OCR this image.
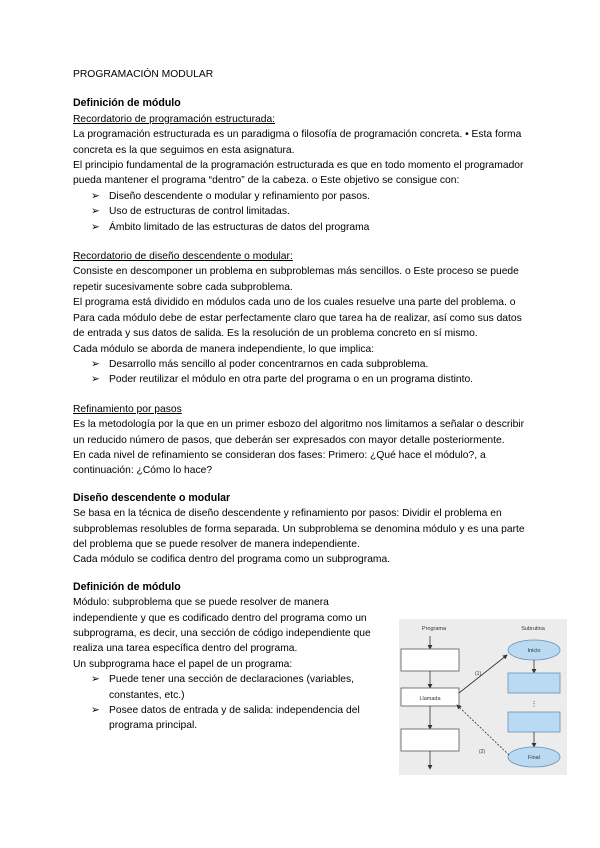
PROGRAMACIÓN MODULAR

Definición de módulo

Recordatorio de programación estructurada:

La programación estructurada es un paradigma o filosofía de programación concreta. • Esta forma concreta es la que seguimos en esta asignatura.

El principio fundamental de la programación estructurada es que en todo momento el programador pueda mantener el programa “dentro” de la cabeza. o Este objetivo se consigue con:

➢ Diseño descendente o modular y refinamiento por pasos.
➢ Uso de estructuras de control limitadas.
➢ Ámbito limitado de las estructuras de datos del programa

Recordatorio de diseño descendente o modular:

Consiste en descomponer un problema en subproblemas más sencillos. o Este proceso se puede repetir sucesivamente sobre cada subproblema.

El programa está dividido en módulos cada uno de los cuales resuelve una parte del problema. o Para cada módulo debe de estar perfectamente claro que tarea ha de realizar, así como sus datos de entrada y sus datos de salida. Es la resolución de un problema concreto en sí mismo.

Cada módulo se aborda de manera independiente, lo que implica:

➢ Desarrollo más sencillo al poder concentrarnos en cada subproblema.
➢ Poder reutilizar el módulo en otra parte del programa o en un programa distinto.

Refinamiento por pasos

Es la metodología por la que en un primer esbozo del algoritmo nos limitamos a señalar o describir un reducido número de pasos, que deberán ser expresados con mayor detalle posteriormente.

En cada nivel de refinamiento se consideran dos fases: Primero: ¿Qué hace el módulo?, a continuación: ¿Cómo lo hace?

Diseño descendente o modular

Se basa en la técnica de diseño descendente y refinamiento por pasos: Dividir el problema en subproblemas resolubles de forma separada. Un subproblema se denomina módulo y es una parte del problema que se puede resolver de manera independiente.

Cada módulo se codifica dentro del programa como un subprograma.

Definición de módulo

Módulo: subproblema que se puede resolver de manera independiente y que es codificado dentro del programa como un subprograma, es decir, una sección de código independiente que realiza una tarea específica dentro del programa.

Un subprograma hace el papel de un programa:

➢ Puede tener una sección de declaraciones (variables, constantes, etc.)
➢ Posee datos de entrada y de salida: independencia del programa principal.
Programa	Subrutina
Llamada
Inicio
⋮
Final
(1)
(2)
